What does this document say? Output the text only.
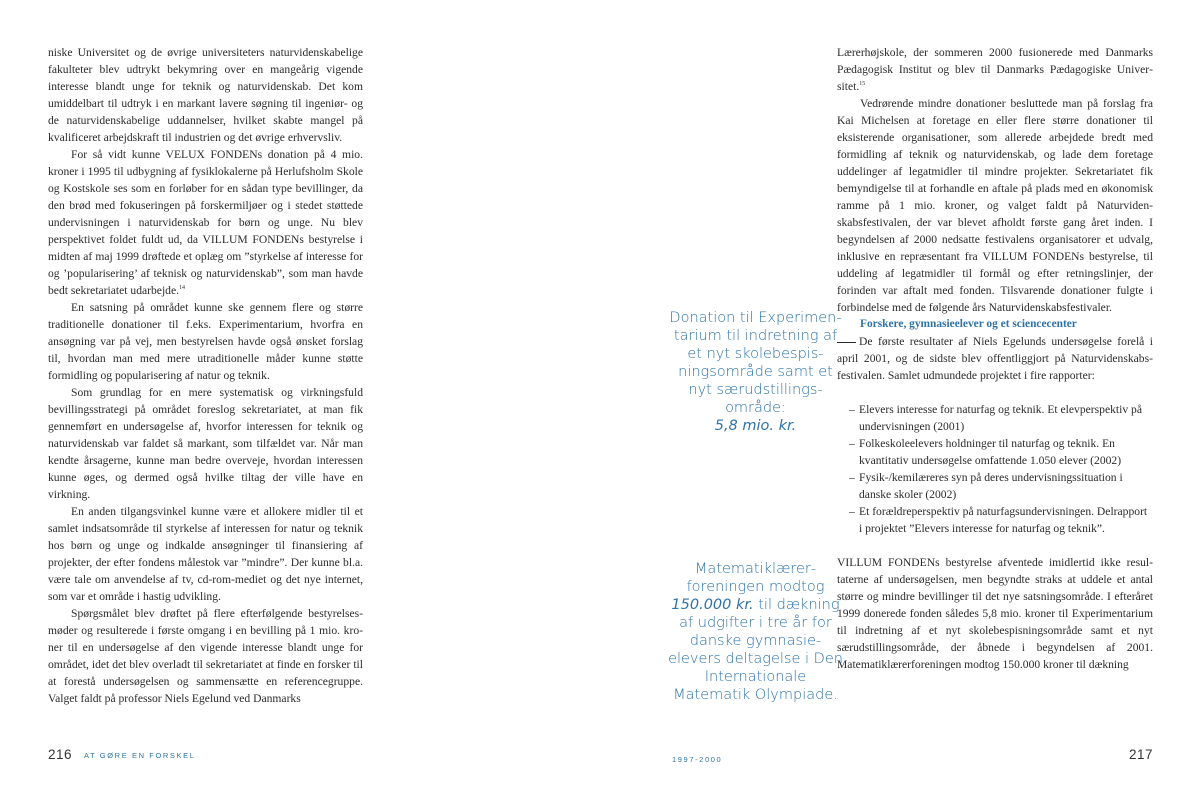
niske Universitet og de øvrige universiteters naturvidenskabelige fakulteter blev udtrykt bekymring over en mangeårig vigende interesse blandt unge for teknik og naturvidenskab. Det kom umiddelbart til udtryk i en markant lavere søgning til ingeniør- og de naturvidenskabelige uddannelser, hvilket skabte mangel på kvalificeret arbejdskraft til industrien og det øvrige erhvervsliv.

For så vidt kunne VELUX FONDENs donation på 4 mio. kroner i 1995 til udbygning af fysiklokalerne på Herlufsholm Skole og Kostskole ses som en forløber for en sådan type bevillinger, da den brød med fokuseringen på forskermiljøer og i stedet støttede undervisningen i naturvidenskab for børn og unge. Nu blev perspektivet foldet fuldt ud, da VILLUM FONDENs bestyrelse i midten af maj 1999 drøftede et oplæg om ”styrkelse af interesse for og ’popularisering’ af teknisk og naturvidenskab”, som man havde bedt sekretariatet udarbejde.$^{14}$

En satsning på området kunne ske gennem flere og større traditionelle donationer til f.eks. Experimentarium, hvorfra en ansøgning var på vej, men bestyrelsen havde også ønsket forslag til, hvordan man med mere utraditionelle måder kunne støtte formidling og popularisering af natur og teknik.

Som grundlag for en mere systematisk og virkningsfuld bevillingsstrategi på området foreslog sekretariatet, at man fik gennemført en undersøgelse af, hvorfor interessen for teknik og naturvidenskab var faldet så markant, som tilfældet var. Når man kendte årsagerne, kunne man bedre overveje, hvordan interessen kunne øges, og dermed også hvilke tiltag der ville have en virkning.

En anden tilgangsvinkel kunne være et allokere midler til et samlet indsatsområde til styrkelse af interessen for natur og teknik hos børn og unge og indkalde ansøgninger til finansiering af projekter, der efter fondens målestok var ”mindre”. Der kunne bl.a. være tale om anvendelse af tv, cd-rom-mediet og det nye internet, som var et område i hastig udvikling.

Spørgsmålet blev drøftet på flere efterfølgende bestyrelsesmøder og resulterede i første omgang i en bevilling på 1 mio. kroner til en undersøgelse af den vigende interesse blandt unge for området, idet det blev overladt til sekretariatet at finde en forsker til at forestå undersøgelsen og sammensætte en referencegruppe. Valget faldt på professor Niels Egelund ved Danmarks

Donation til Experimentarium til indretning af et nyt skolebespisningsområde samt et nyt særudstillingsområde:
5,8 mio. kr.
Matematiklærerforeningen modtog 150.000 kr. til dækning af udgifter i tre år for danske gymnasieelevers deltagelse i Den Internationale Matematik Olympiade.

Lærerhøjskole, der sommeren 2000 fusionerede med Danmarks Pædagogisk Institut og blev til Danmarks Pædagogiske Universitet.$^{15}$

Vedrørende mindre donationer besluttede man på forslag fra Kai Michelsen at foretage en eller flere større donationer til eksisterende organisationer, som allerede arbejdede bredt med formidling af teknik og naturvidenskab, og lade dem foretage uddelinger af legatmidler til mindre projekter. Sekretariatet fik bemyndigelse til at forhandle en aftale på plads med en økonomisk ramme på 1 mio. kroner, og valget faldt på Naturvidenskabsfestivalen, der var blevet afholdt første gang året inden. I begyndelsen af 2000 nedsatte festivalens organisatorer et udvalg, inklusive en repræsentant fra VILLUM FONDENs bestyrelse, til uddeling af legatmidler til formål og efter retningslinjer, der forinden var aftalt med fonden. Tilsvarende donationer fulgte i forbindelse med de følgende års Naturvidenskabsfestivaler.

Forskere, gymnasieelever og et sciencecenter

De første resultater af Niels Egelunds undersøgelse forelå i april 2001, og de sidste blev offentliggjort på Naturvidenskabsfestivalen. Samlet udmundede projektet i fire rapporter:

– Elevers interesse for naturfag og teknik. Et elevperspektiv på undervisningen (2001)
– Folkeskoleelevers holdninger til naturfag og teknik. En kvantitativ undersøgelse omfattende 1.050 elever (2002)
– Fysik-/kemilæreres syn på deres undervisningssituation i danske skoler (2002)
– Et forældreperspektiv på naturfagsundervisningen. Delrapport i projektet ”Elevers interesse for naturfag og teknik”.

VILLUM FONDENs bestyrelse afventede imidlertid ikke resultaterne af undersøgelsen, men begyndte straks at uddele et antal større og mindre bevillinger til det nye satsningsområde. I efteråret 1999 donerede fonden således 5,8 mio. kroner til Experimentarium til indretning af et nyt skolebespisningsområde samt et nyt særudstillingsområde, der åbnede i begyndelsen af 2001. Matematiklærerforeningen modtog 150.000 kroner til dækning

216 AT GØRE EN FORSKEL	1997-2000	217
